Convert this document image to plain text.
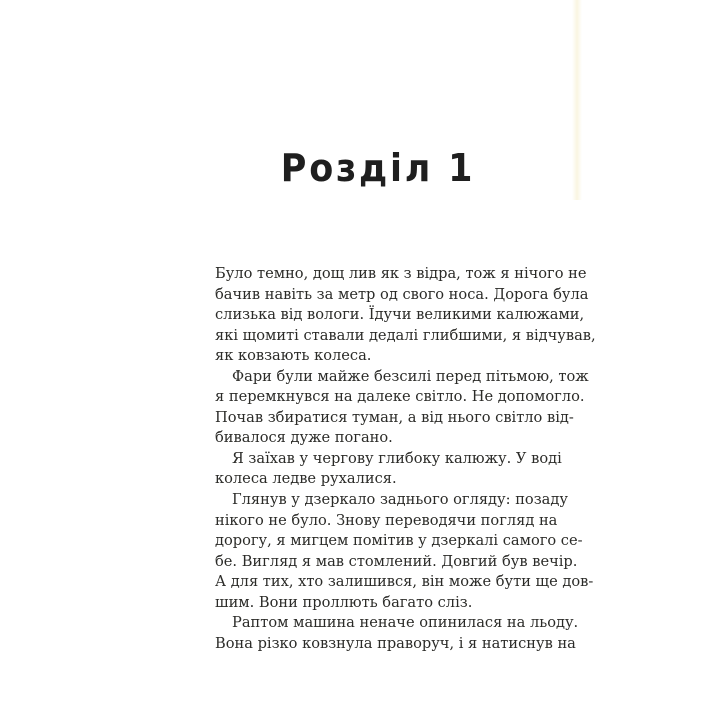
Розділ 1
Було темно, дощ лив як з відра, тож я нічого не
бачив навіть за метр од свого носа. Дорога була
слизька від вологи. Їдучи великими калюжами,
які щомиті ставали дедалі глибшими, я відчував,
як ковзають колеса.
Фари були майже безсилі перед пітьмою, тож
я перемкнувся на далеке світло. Не допомогло.
Почав збиратися туман, а від нього світло від-
бивалося дуже погано.
Я заїхав у чергову глибоку калюжу. У воді
колеса ледве рухалися.
Глянув у дзеркало заднього огляду: позаду
нікого не було. Знову переводячи погляд на
дорогу, я мигцем помітив у дзеркалі самого се-
бе. Вигляд я мав стомлений. Довгий був вечір.
А для тих, хто залишився, він може бути ще дов-
шим. Вони проллють багато сліз.
Раптом машина неначе опинилася на льоду.
Вона різко ковзнула праворуч, і я натиснув на
